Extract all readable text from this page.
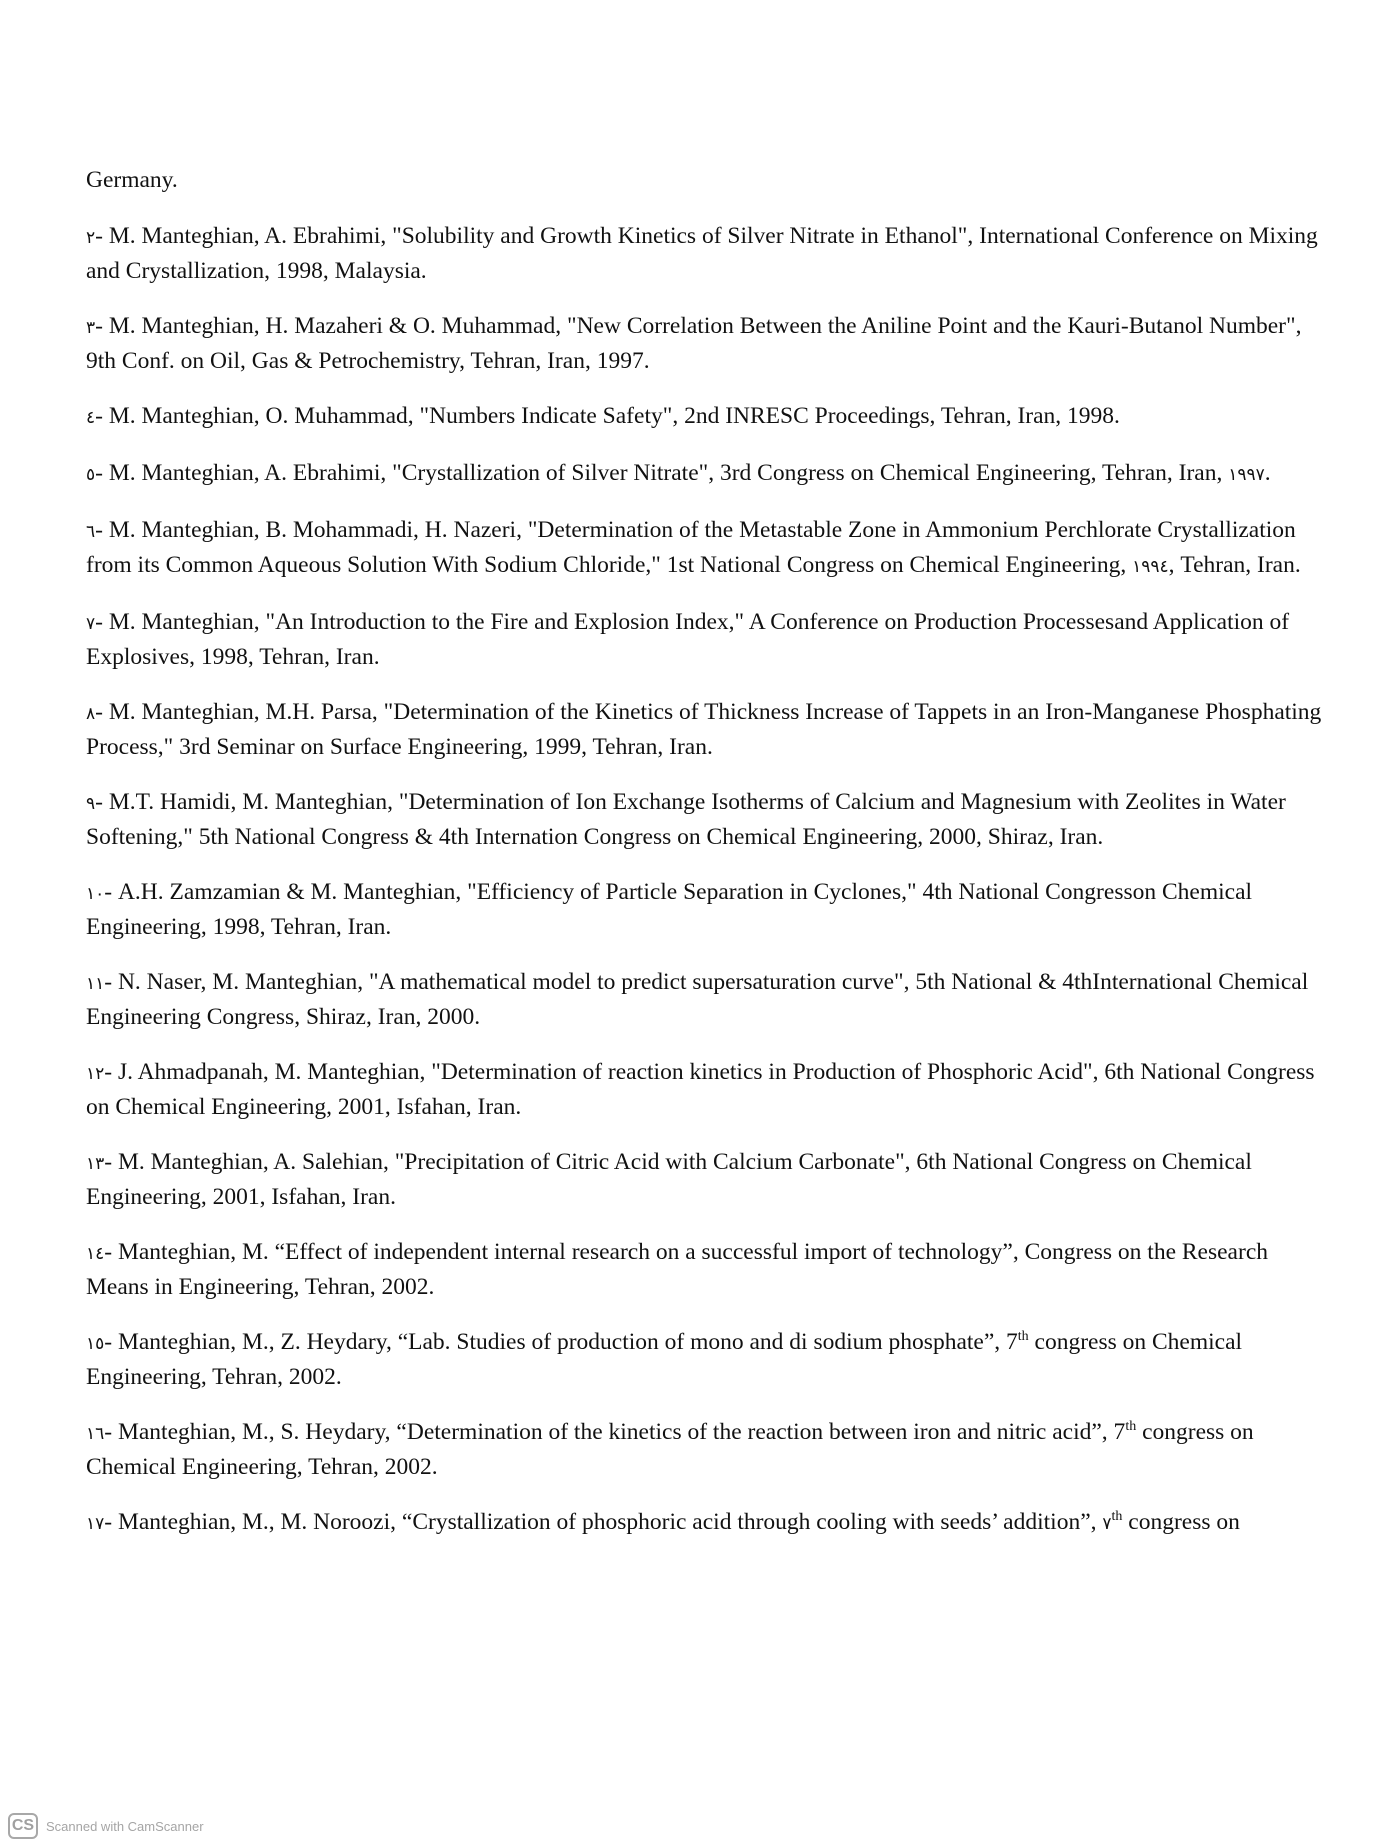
Germany.

٢- M. Manteghian, A. Ebrahimi, "Solubility and Growth Kinetics of Silver Nitrate in Ethanol", International Conference on Mixing and Crystallization, 1998, Malaysia.

٣- M. Manteghian, H. Mazaheri & O. Muhammad, "New Correlation Between the Aniline Point and the Kauri-Butanol Number", 9th Conf. on Oil, Gas & Petrochemistry, Tehran, Iran, 1997.

٤- M. Manteghian, O. Muhammad, "Numbers Indicate Safety", 2nd INRESC Proceedings, Tehran, Iran, 1998.

٥- M. Manteghian, A. Ebrahimi, "Crystallization of Silver Nitrate", 3rd Congress on Chemical Engineering, Tehran, Iran, ١٩٩٧.

٦- M. Manteghian, B. Mohammadi, H. Nazeri, "Determination of the Metastable Zone in Ammonium Perchlorate Crystallization from its Common Aqueous Solution With Sodium Chloride," 1st National Congress on Chemical Engineering, ١٩٩٤, Tehran, Iran.

٧- M. Manteghian, "An Introduction to the Fire and Explosion Index," A Conference on Production Processesand Application of Explosives, 1998, Tehran, Iran.

٨- M. Manteghian, M.H. Parsa, "Determination of the Kinetics of Thickness Increase of Tappets in an Iron-Manganese Phosphating Process," 3rd Seminar on Surface Engineering, 1999, Tehran, Iran.

٩- M.T. Hamidi, M. Manteghian, "Determination of Ion Exchange Isotherms of Calcium and Magnesium with Zeolites in Water Softening," 5th National Congress & 4th Internation Congress on Chemical Engineering, 2000, Shiraz, Iran.

١٠- A.H. Zamzamian & M. Manteghian, "Efficiency of Particle Separation in Cyclones," 4th National Congresson Chemical Engineering, 1998, Tehran, Iran.

١١- N. Naser, M. Manteghian, "A mathematical model to predict supersaturation curve", 5th National & 4thInternational Chemical Engineering Congress, Shiraz, Iran, 2000.

١٢- J. Ahmadpanah, M. Manteghian, "Determination of reaction kinetics in Production of Phosphoric Acid", 6th National Congress on Chemical Engineering, 2001, Isfahan, Iran.

١٣- M. Manteghian, A. Salehian, "Precipitation of Citric Acid with Calcium Carbonate", 6th National Congress on Chemical Engineering, 2001, Isfahan, Iran.

١٤- Manteghian, M. “Effect of independent internal research on a successful import of technology”, Congress on the Research Means in Engineering, Tehran, 2002.

١٥- Manteghian, M., Z. Heydary, “Lab. Studies of production of mono and di sodium phosphate”, 7th congress on Chemical Engineering, Tehran, 2002.

١٦- Manteghian, M., S. Heydary, “Determination of the kinetics of the reaction between iron and nitric acid”, 7th congress on Chemical Engineering, Tehran, 2002.

١٧- Manteghian, M., M. Noroozi, “Crystallization of phosphoric acid through cooling with seeds’ addition”, ٧th congress on

CS Scanned with CamScanner
